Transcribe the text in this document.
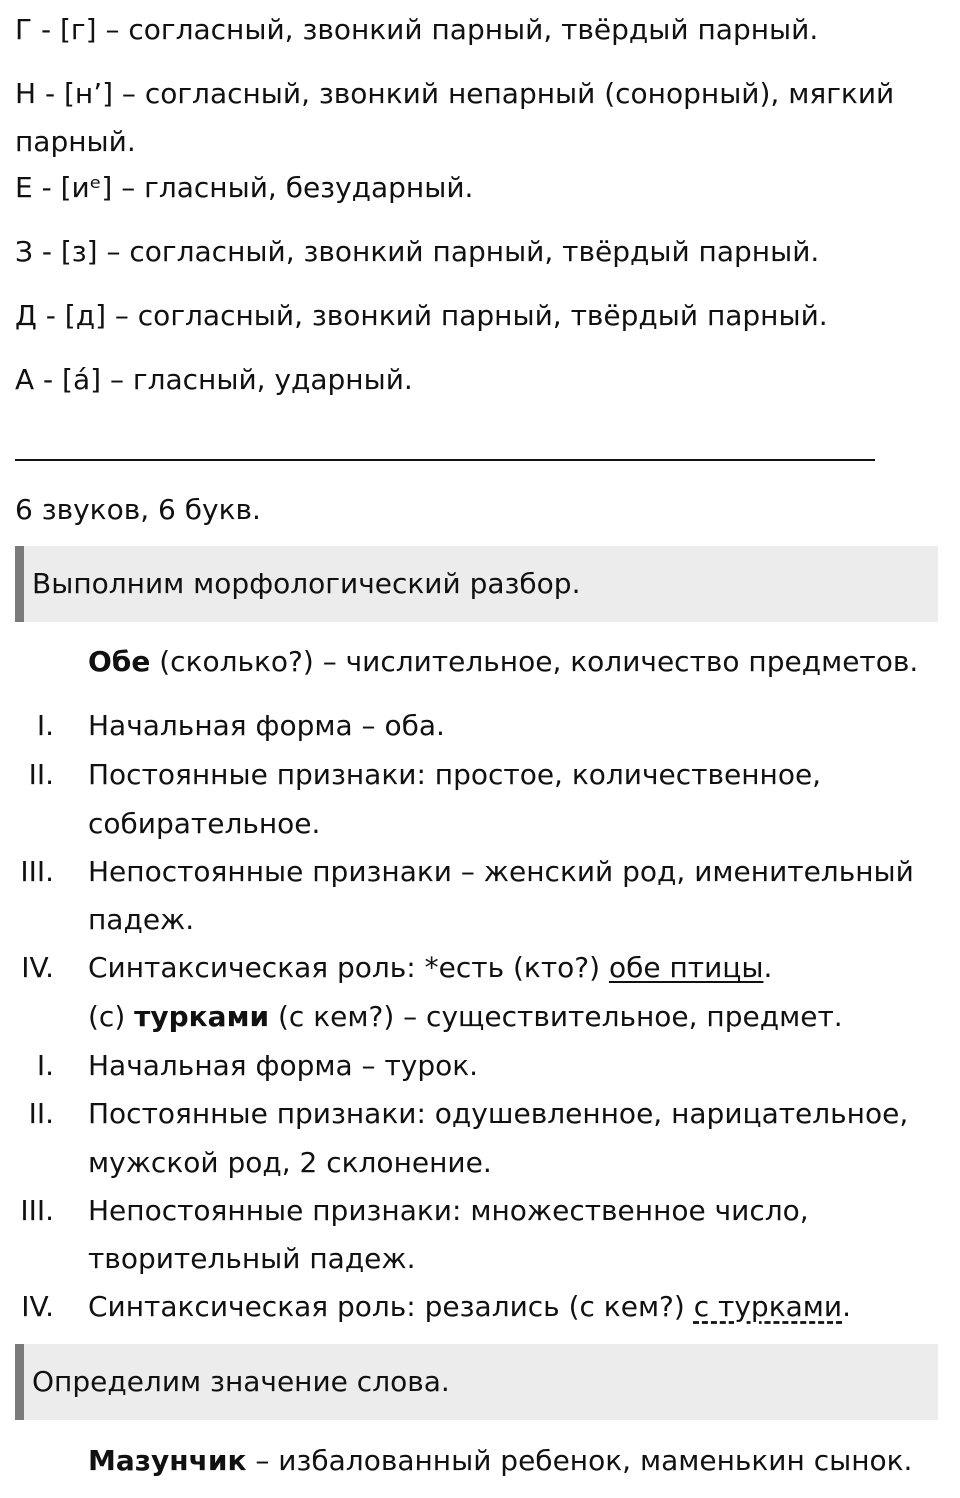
Г - [г] – согласный, звонкий парный, твёрдый парный.
Н - [н’] – согласный, звонкий непарный (сонорный), мягкий
парный.
Е - [иᵉ] – гласный, безударный.
З - [з] – согласный, звонкий парный, твёрдый парный.
Д - [д] – согласный, звонкий парный, твёрдый парный.
А - [а́] – гласный, ударный.
6 звуков, 6 букв.
Выполним морфологический разбор.
Обе (сколько?) – числительное, количество предметов.
I. Начальная форма – оба.
II. Постоянные признаки: простое, количественное,
собирательное.
III. Непостоянные признаки – женский род, именительный
падеж.
IV. Синтаксическая роль: *есть (кто?) обе птицы.
(с) турками (с кем?) – существительное, предмет.
I. Начальная форма – турок.
II. Постоянные признаки: одушевленное, нарицательное,
мужской род, 2 склонение.
III. Непостоянные признаки: множественное число,
творительный падеж.
IV. Синтаксическая роль: резались (с кем?) с турками.
Определим значение слова.
Мазунчик – избалованный ребенок, маменькин сынок.
